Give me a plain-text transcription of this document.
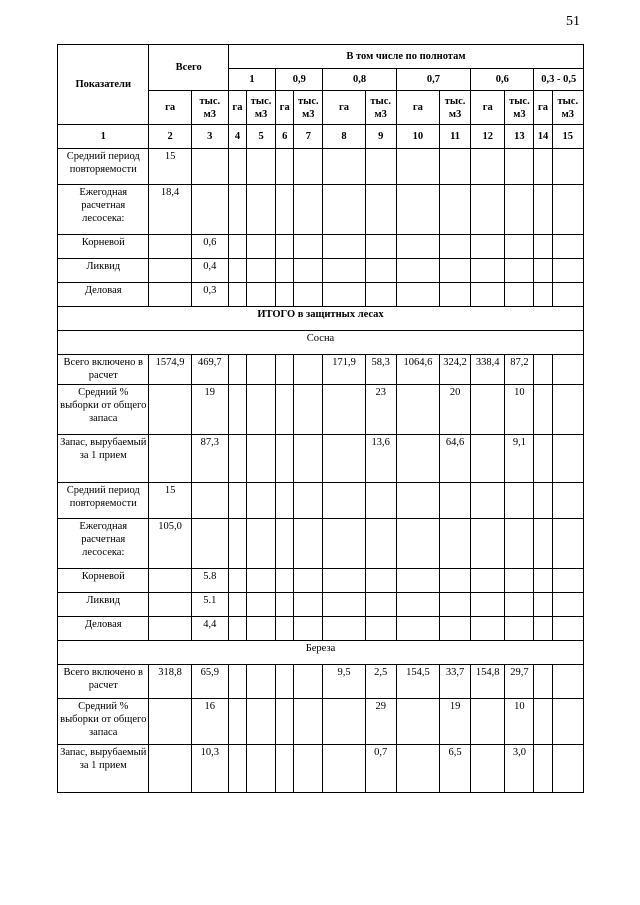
51
Показатели	Всего		В том числе по полнотам											
			1		0,9		0,8		0,7		0,6		0,3 - 0,5	
	га	тыс. м3	га	тыс. м3	га	тыс. м3	га	тыс. м3	га	тыс. м3	га	тыс. м3	га	тыс. м3
1	2	3	4	5	6	7	8	9	10	11	12	13	14	15
Средний период повторяемости	15													
Ежегодная расчетная лесосека:	18,4													
Корневой		0,6												
Ликвид		0,4												
Деловая		0,3												
ИТОГО в защитных лесах														
Сосна														
Всего включено в расчет	1574,9	469,7					171,9	58,3	1064,6	324,2	338,4	87,2		
Средний % выборки от общего запаса		19						23		20		10		
Запас, вырубаемый за 1 прием		87,3						13,6		64,6		9,1		
Средний период повторяемости	15													
Ежегодная расчетная лесосека:	105,0													
Корневой		5.8												
Ликвид		5.1												
Деловая		4,4												
Береза														
Всего включено в расчет	318,8	65,9					9,5	2,5	154,5	33,7	154,8	29,7		
Средний % выборки от общего запаса		16						29		19		10		
Запас, вырубаемый за 1 прием		10,3						0,7		6,5		3,0		
